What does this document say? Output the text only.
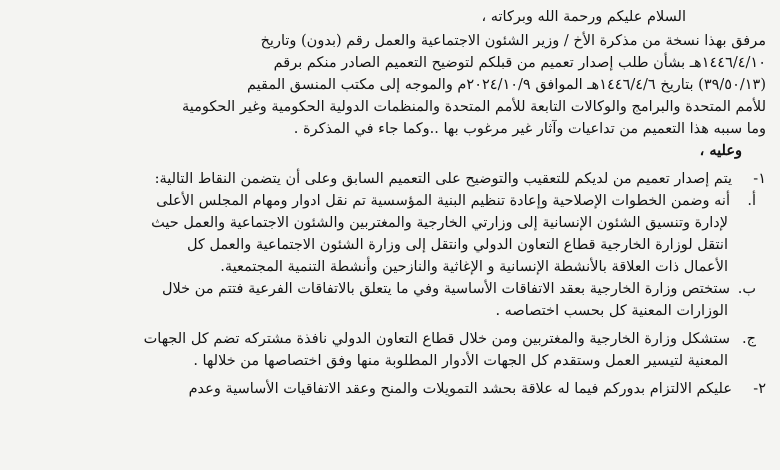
السلام عليكم ورحمة الله وبركاته ،
مرفق بهذا نسخة من مذكرة الأخ / وزير الشئون الاجتماعية والعمل رقم (بدون) وتاريخ
١٤٤٦/٤/١٠هـ بشأن طلب إصدار تعميم من قبلكم لتوضيح التعميم الصادر منكم برقم
(٣٩/٥٠/١٣) بتاريخ ١٤٤٦/٤/٦هـ الموافق ٢٠٢٤/١٠/٩م والموجه إلى مكتب المنسق المقيم
للأمم المتحدة والبرامج والوكالات التابعة للأمم المتحدة والمنظمات الدولية الحكومية وغير الحكومية
وما سببه هذا التعميم من تداعيات وآثار غير مرغوب بها ..وكما جاء في المذكرة .
وعليه ،
١-يتم إصدار تعميم من لديكم للتعقيب والتوضيح على التعميم السابق وعلى أن يتضمن النقاط التالية:
أ.أنه وضمن الخطوات الإصلاحية وإعادة تنظيم البنية المؤسسية تم نقل ادوار ومهام المجلس الأعلى
لإدارة وتنسيق الشئون الإنسانية إلى وزارتي الخارجية والمغتربين والشئون الاجتماعية والعمل حيث
انتقل لوزارة الخارجية قطاع التعاون الدولي وانتقل إلى وزارة الشئون الاجتماعية والعمل كل
الأعمال ذات العلاقة بالأنشطة الإنسانية و الإغاثية والنازحين وأنشطة التنمية المجتمعية.
ب.ستختص وزارة الخارجية بعقد الاتفاقات الأساسية وفي ما يتعلق بالاتفاقات الفرعية فتتم من خلال
الوزارات المعنية كل بحسب اختصاصه .
ج.ستشكل وزارة الخارجية والمغتربين ومن خلال قطاع التعاون الدولي نافذة مشتركه تضم كل الجهات
المعنية لتيسير العمل وستقدم كل الجهات الأدوار المطلوبة منها وفق اختصاصها من خلالها .
٢-عليكم الالتزام بدوركم فيما له علاقة بحشد التمويلات والمنح وعقد الاتفاقيات الأساسية وعدم
